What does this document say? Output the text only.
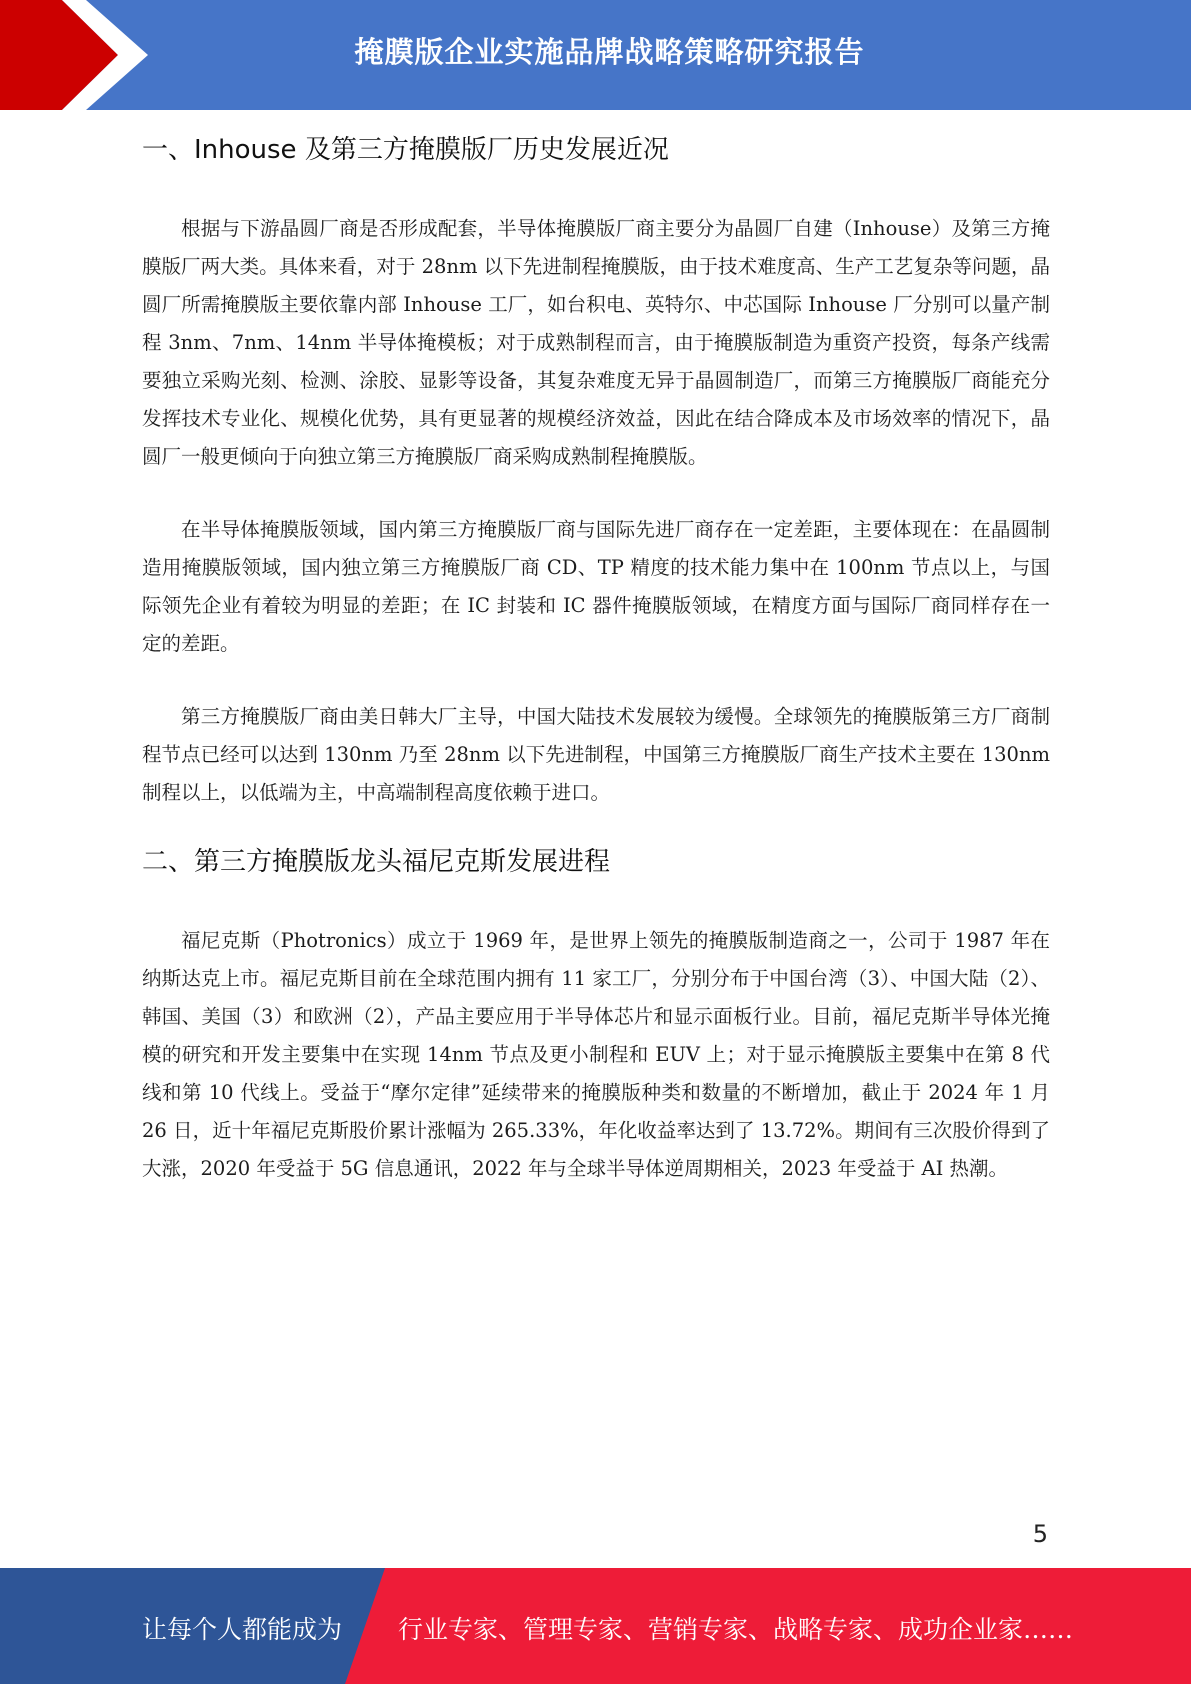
掩膜版企业实施品牌战略策略研究报告
一、Inhouse 及第三方掩膜版厂历史发展近况

根据与下游晶圆厂商是否形成配套，半导体掩膜版厂商主要分为晶圆厂自建（Inhouse）及第三方掩膜版厂两大类。具体来看，对于 28nm 以下先进制程掩膜版，由于技术难度高、生产工艺复杂等问题，晶圆厂所需掩膜版主要依靠内部 Inhouse 工厂，如台积电、英特尔、中芯国际 Inhouse 厂分别可以量产制程 3nm、7nm、14nm 半导体掩模板；对于成熟制程而言，由于掩膜版制造为重资产投资，每条产线需要独立采购光刻、检测、涂胶、显影等设备，其复杂难度无异于晶圆制造厂，而第三方掩膜版厂商能充分发挥技术专业化、规模化优势，具有更显著的规模经济效益，因此在结合降成本及市场效率的情况下，晶圆厂一般更倾向于向独立第三方掩膜版厂商采购成熟制程掩膜版。

在半导体掩膜版领域，国内第三方掩膜版厂商与国际先进厂商存在一定差距，主要体现在：在晶圆制造用掩膜版领域，国内独立第三方掩膜版厂商 CD、TP 精度的技术能力集中在 100nm 节点以上，与国际领先企业有着较为明显的差距；在 IC 封装和 IC 器件掩膜版领域，在精度方面与国际厂商同样存在一定的差距。

第三方掩膜版厂商由美日韩大厂主导，中国大陆技术发展较为缓慢。全球领先的掩膜版第三方厂商制程节点已经可以达到 130nm 乃至 28nm 以下先进制程，中国第三方掩膜版厂商生产技术主要在 130nm 制程以上，以低端为主，中高端制程高度依赖于进口。

二、第三方掩膜版龙头福尼克斯发展进程

福尼克斯（Photronics）成立于 1969 年，是世界上领先的掩膜版制造商之一，公司于 1987 年在纳斯达克上市。福尼克斯目前在全球范围内拥有 11 家工厂，分别分布于中国台湾（3）、中国大陆（2）、韩国、美国（3）和欧洲（2），产品主要应用于半导体芯片和显示面板行业。目前，福尼克斯半导体光掩模的研究和开发主要集中在实现 14nm 节点及更小制程和 EUV 上；对于显示掩膜版主要集中在第 8 代线和第 10 代线上。受益于“摩尔定律”延续带来的掩膜版种类和数量的不断增加，截止于 2024 年 1 月 26 日，近十年福尼克斯股价累计涨幅为 265.33%，年化收益率达到了 13.72%。期间有三次股价得到了大涨，2020 年受益于 5G 信息通讯，2022 年与全球半导体逆周期相关，2023 年受益于 AI 热潮。

5
让每个人都能成为 行业专家、管理专家、营销专家、战略专家、成功企业家……
